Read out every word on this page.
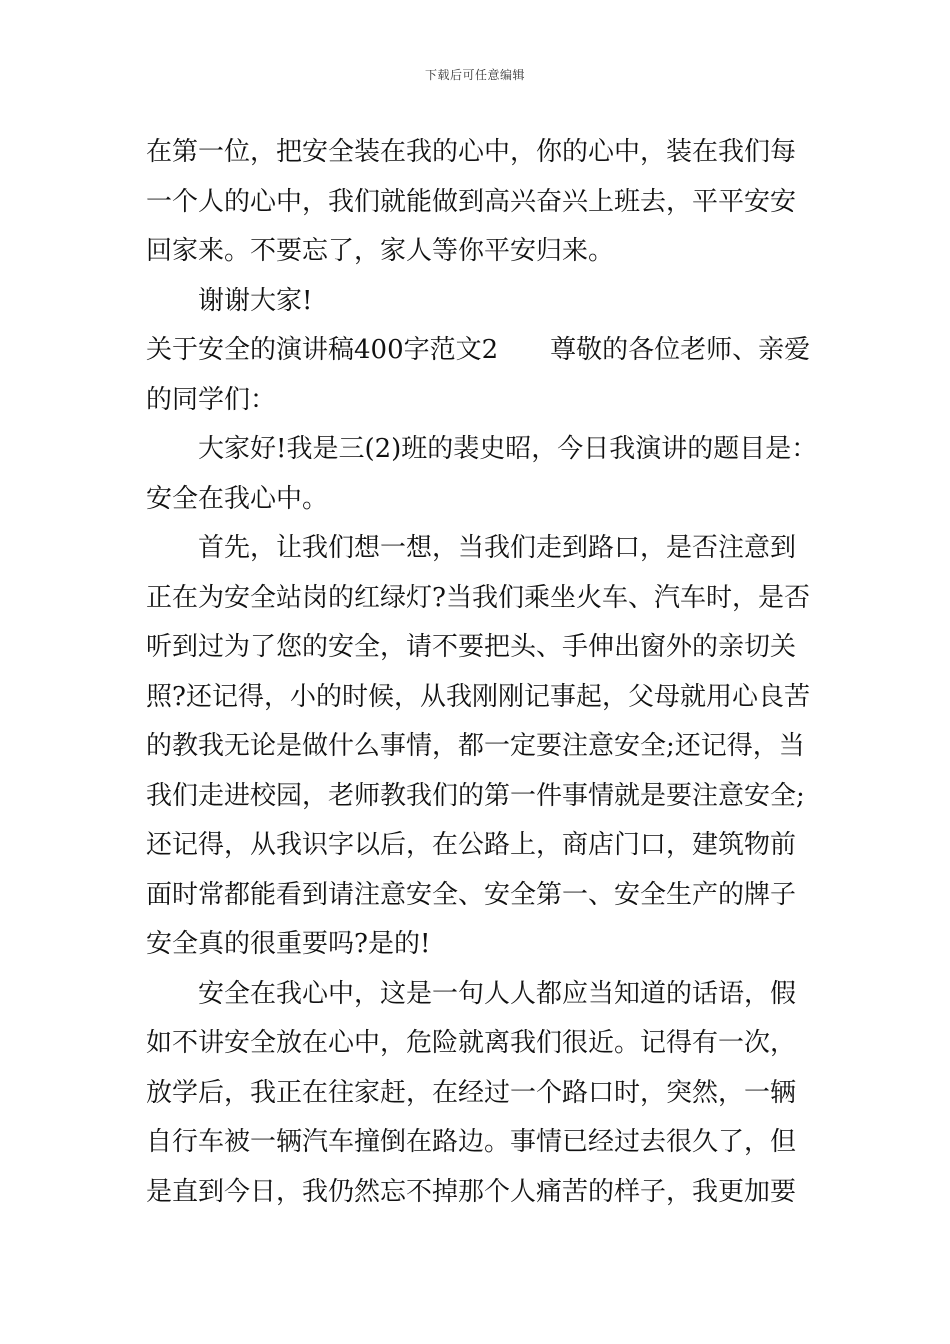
下载后可任意编辑
在第一位，把安全装在我的心中，你的心中，装在我们每
一个人的心中，我们就能做到高兴奋兴上班去，平平安安
回家来。不要忘了，家人等你平安归来。
谢谢大家!
关于安全的演讲稿400字范文2 尊敬的各位老师、亲爱
的同学们：
大家好!我是三(2)班的裴史昭，今日我演讲的题目是：
安全在我心中。
首先，让我们想一想，当我们走到路口，是否注意到
正在为安全站岗的红绿灯?当我们乘坐火车、汽车时，是否
听到过为了您的安全，请不要把头、手伸出窗外的亲切关
照?还记得，小的时候，从我刚刚记事起，父母就用心良苦
的教我无论是做什么事情，都一定要注意安全;还记得，当
我们走进校园，老师教我们的第一件事情就是要注意安全;
还记得，从我识字以后，在公路上，商店门口，建筑物前
面时常都能看到请注意安全、安全第一、安全生产的牌子
安全真的很重要吗?是的!
安全在我心中，这是一句人人都应当知道的话语，假
如不讲安全放在心中，危险就离我们很近。记得有一次，
放学后，我正在往家赶，在经过一个路口时，突然，一辆
自行车被一辆汽车撞倒在路边。事情已经过去很久了，但
是直到今日，我仍然忘不掉那个人痛苦的样子，我更加要
